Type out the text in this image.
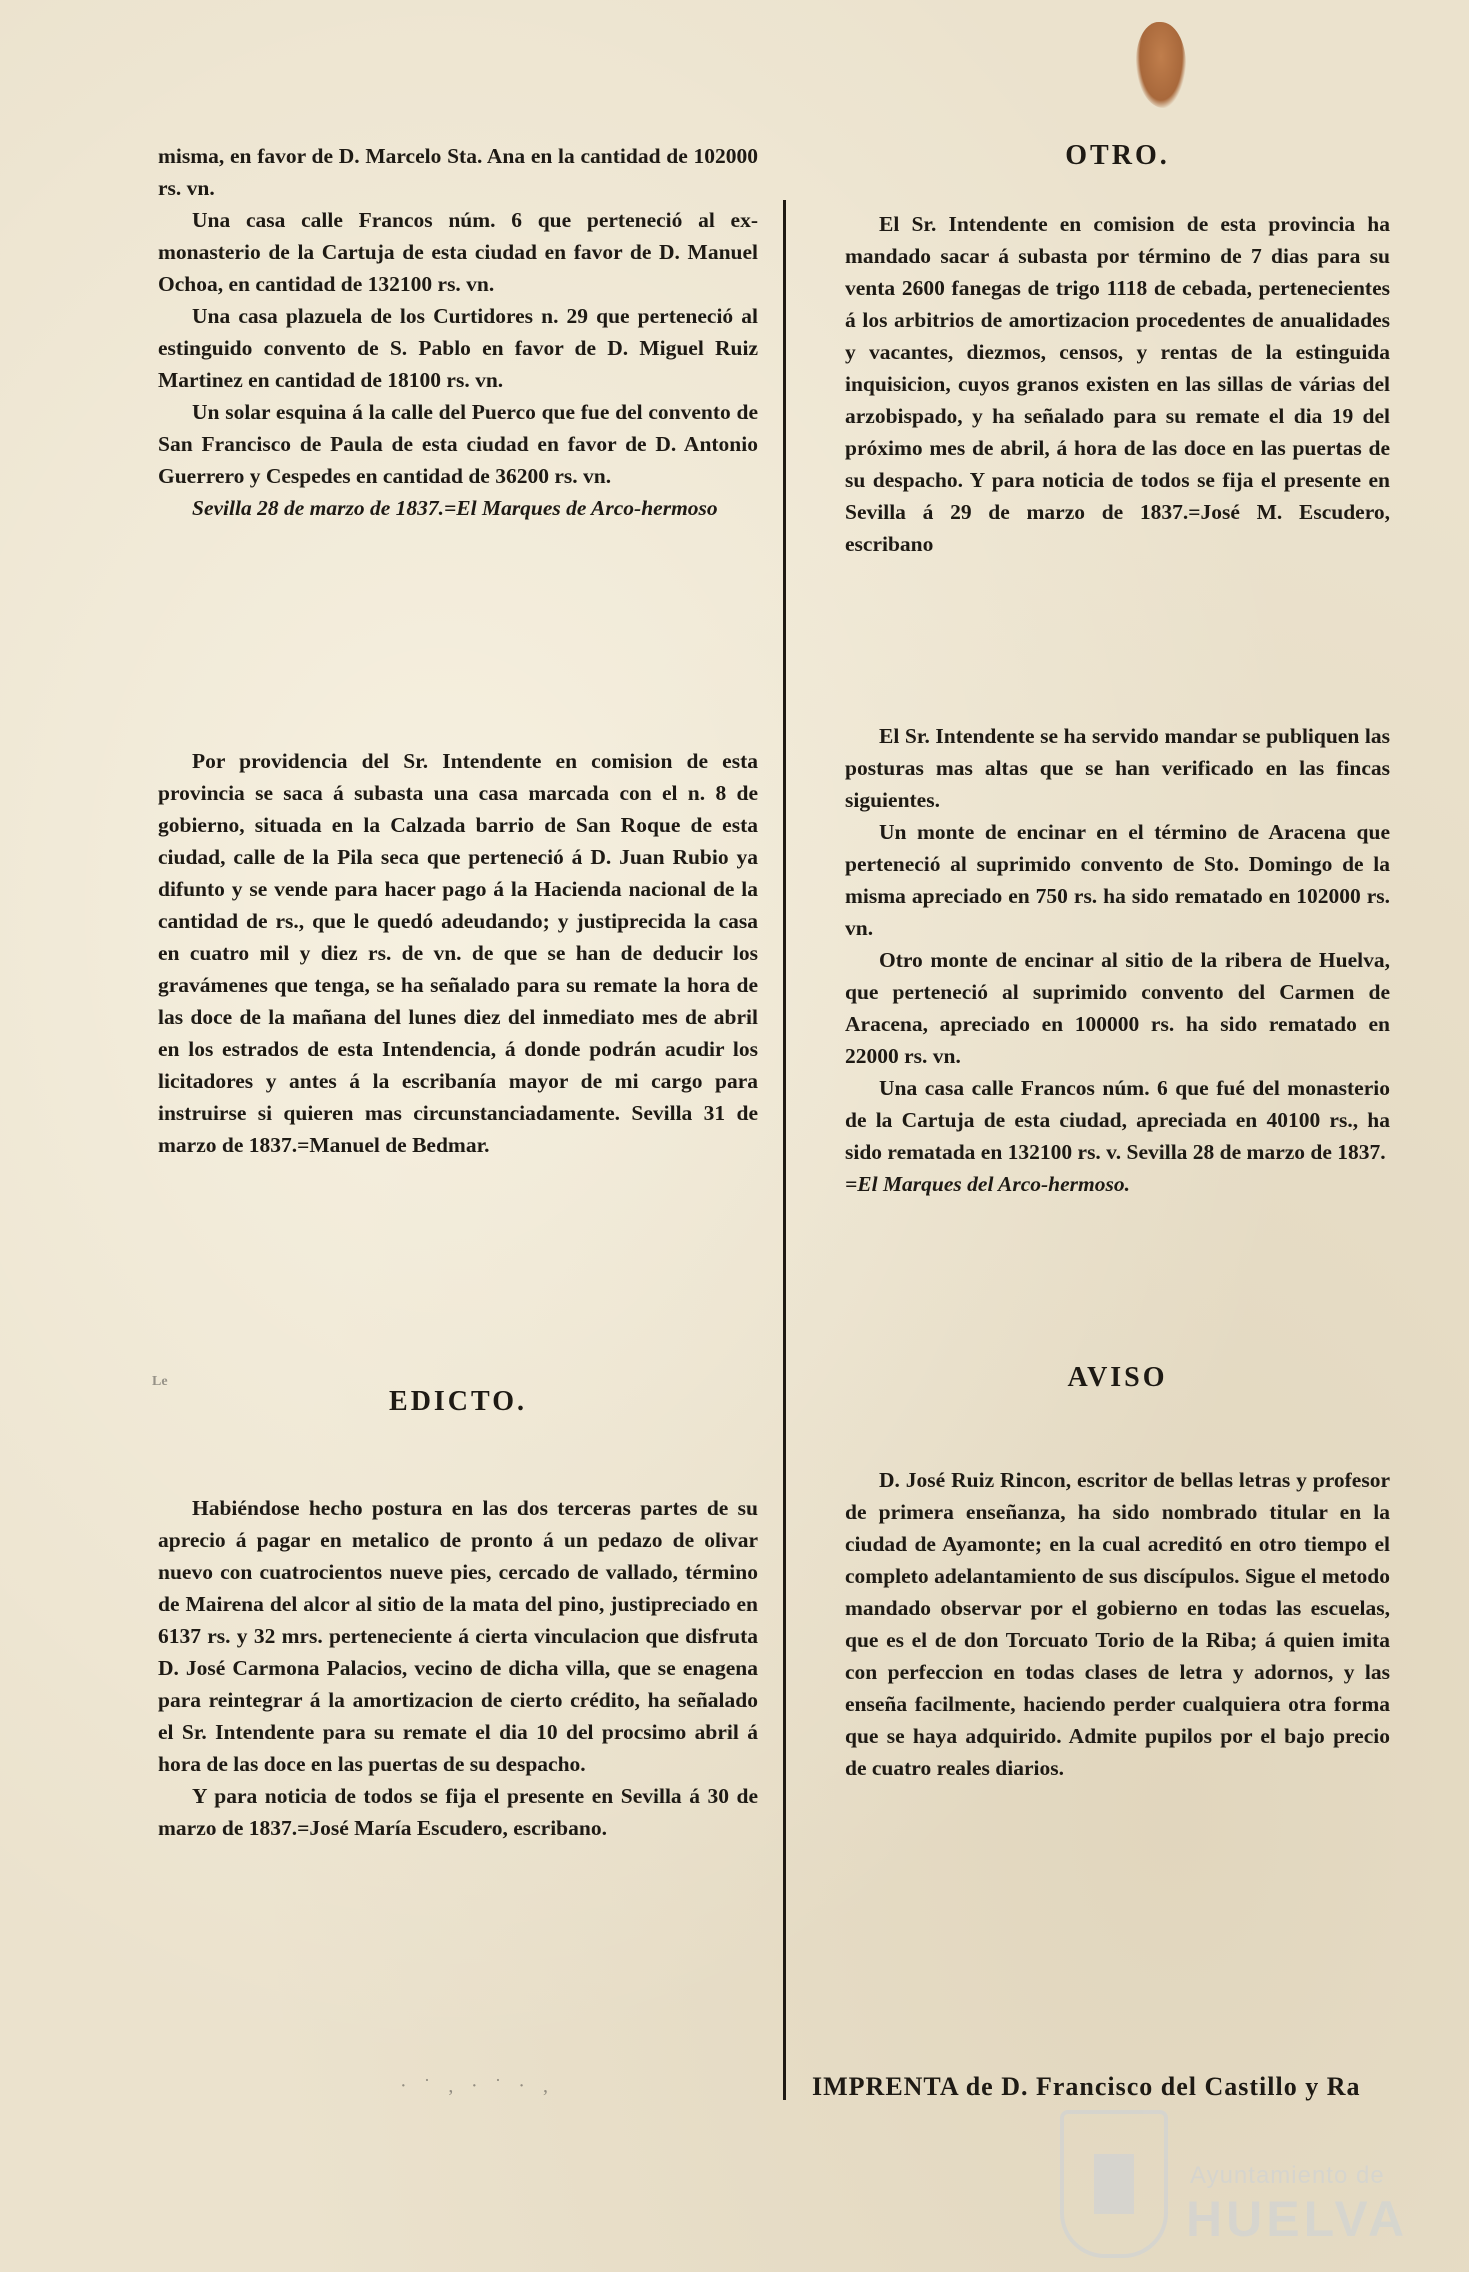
misma, en favor de D. Marcelo Sta. Ana en la cantidad de 102000 rs. vn.

Una casa calle Francos núm. 6 que perteneció al ex-monasterio de la Cartuja de esta ciudad en favor de D. Manuel Ochoa, en cantidad de 132100 rs. vn.

Una casa plazuela de los Curtidores n. 29 que perteneció al estinguido convento de S. Pablo en favor de D. Miguel Ruiz Martinez en cantidad de 18100 rs. vn.

Un solar esquina á la calle del Puerco que fue del convento de San Francisco de Paula de esta ciudad en favor de D. Antonio Guerrero y Cespedes en cantidad de 36200 rs. vn.

Sevilla 28 de marzo de 1837.=El Marques de Arco-hermoso

Por providencia del Sr. Intendente en comision de esta provincia se saca á subasta una casa marcada con el n. 8 de gobierno, situada en la Calzada barrio de San Roque de esta ciudad, calle de la Pila seca que perteneció á D. Juan Rubio ya difunto y se vende para hacer pago á la Hacienda nacional de la cantidad de rs., que le quedó adeudando; y justiprecida la casa en cuatro mil y diez rs. de vn. de que se han de deducir los gravámenes que tenga, se ha señalado para su remate la hora de las doce de la mañana del lunes diez del inmediato mes de abril en los estrados de esta Intendencia, á donde podrán acudir los licitadores y antes á la escribanía mayor de mi cargo para instruirse si quieren mas circunstanciadamente. Sevilla 31 de marzo de 1837.=Manuel de Bedmar.

Le
EDICTO.

Habiéndose hecho postura en las dos terceras partes de su aprecio á pagar en metalico de pronto á un pedazo de olivar nuevo con cuatrocientos nueve pies, cercado de vallado, término de Mairena del alcor al sitio de la mata del pino, justipreciado en 6137 rs. y 32 mrs. perteneciente á cierta vinculacion que disfruta D. José Carmona Palacios, vecino de dicha villa, que se enagena para reintegrar á la amortizacion de cierto crédito, ha señalado el Sr. Intendente para su remate el dia 10 del procsimo abril á hora de las doce en las puertas de su despacho.

Y para noticia de todos se fija el presente en Sevilla á 30 de marzo de 1837.=José María Escudero, escribano.

OTRO.

El Sr. Intendente en comision de esta provincia ha mandado sacar á subasta por término de 7 dias para su venta 2600 fanegas de trigo 1118 de cebada, pertenecientes á los arbitrios de amortizacion procedentes de anualidades y vacantes, diezmos, censos, y rentas de la estinguida inquisicion, cuyos granos existen en las sillas de várias del arzobispado, y ha señalado para su remate el dia 19 del próximo mes de abril, á hora de las doce en las puertas de su despacho. Y para noticia de todos se fija el presente en Sevilla á 29 de marzo de 1837.=José M. Escudero, escribano

El Sr. Intendente se ha servido mandar se publiquen las posturas mas altas que se han verificado en las fincas siguientes.

Un monte de encinar en el término de Aracena que perteneció al suprimido convento de Sto. Domingo de la misma apreciado en 750 rs. ha sido rematado en 102000 rs. vn.

Otro monte de encinar al sitio de la ribera de Huelva, que perteneció al suprimido convento del Carmen de Aracena, apreciado en 100000 rs. ha sido rematado en 22000 rs. vn.

Una casa calle Francos núm. 6 que fué del monasterio de la Cartuja de esta ciudad, apreciada en 40100 rs., ha sido rematada en 132100 rs. v. Sevilla 28 de marzo de 1837.

=El Marques del Arco-hermoso.

AVISO

D. José Ruiz Rincon, escritor de bellas letras y profesor de primera enseñanza, ha sido nombrado titular en la ciudad de Ayamonte; en la cual acreditó en otro tiempo el completo adelantamiento de sus discípulos. Sigue el metodo mandado observar por el gobierno en todas las escuelas, que es el de don Torcuato Torio de la Riba; á quien imita con perfeccion en todas clases de letra y adornos, y las enseña facilmente, haciendo perder cualquiera otra forma que se haya adquirido. Admite pupilos por el bajo precio de cuatro reales diarios.

· ˙ ‚ · ˙ · ‚	IMPRENTA de D. Francisco del Castillo y Ra
Ayuntamiento de
HUELVA
